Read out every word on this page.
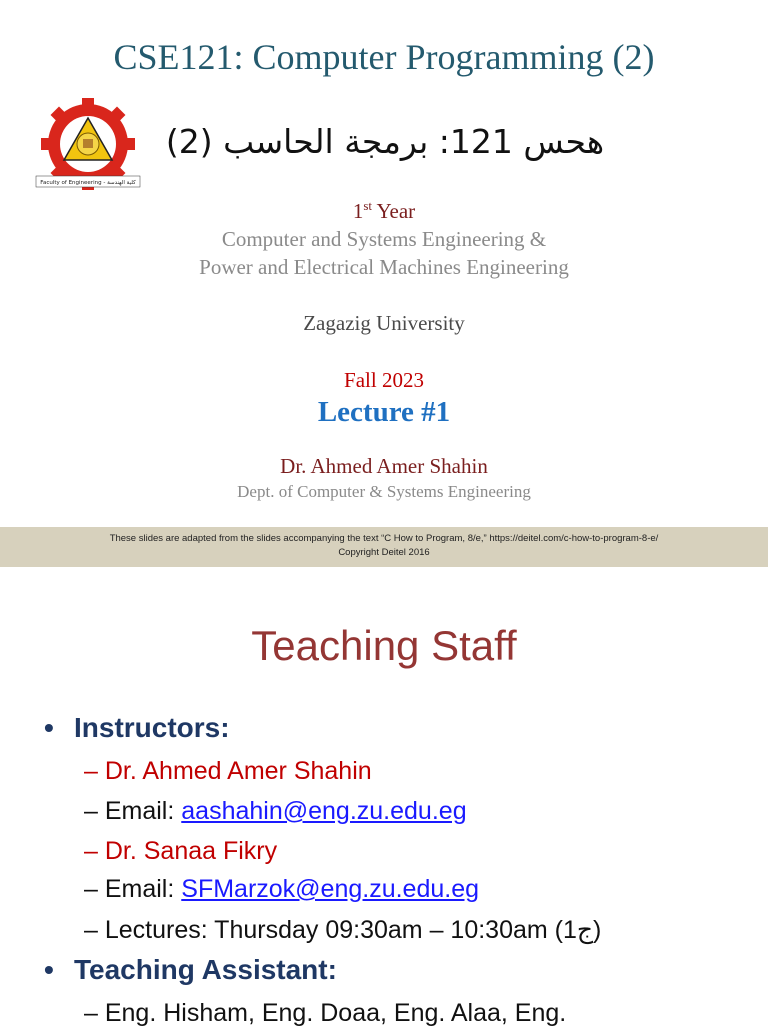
CSE121: Computer Programming (2)
Faculty of Engineering - كلية الهندسة
هحس 121: برمجة الحاسب (2)
1st Year
Computer and Systems Engineering &
Power and Electrical Machines Engineering
Zagazig University
Fall 2023
Lecture #1
Dr. Ahmed Amer Shahin
Dept. of Computer & Systems Engineering
These slides are adapted from the slides accompanying the text “C How to Program, 8/e,” https://deitel.com/c-how-to-program-8-e/
Copyright Deitel 2016
Teaching Staff
• Instructors:
– Dr. Ahmed Amer Shahin
– Email: aashahin@eng.zu.edu.eg
– Dr. Sanaa Fikry
– Email: SFMarzok@eng.zu.edu.eg
– Lectures: Thursday 09:30am – 10:30am (ج1)
• Teaching Assistant:
– Eng. Hisham, Eng. Doaa, Eng. Alaa, Eng.
